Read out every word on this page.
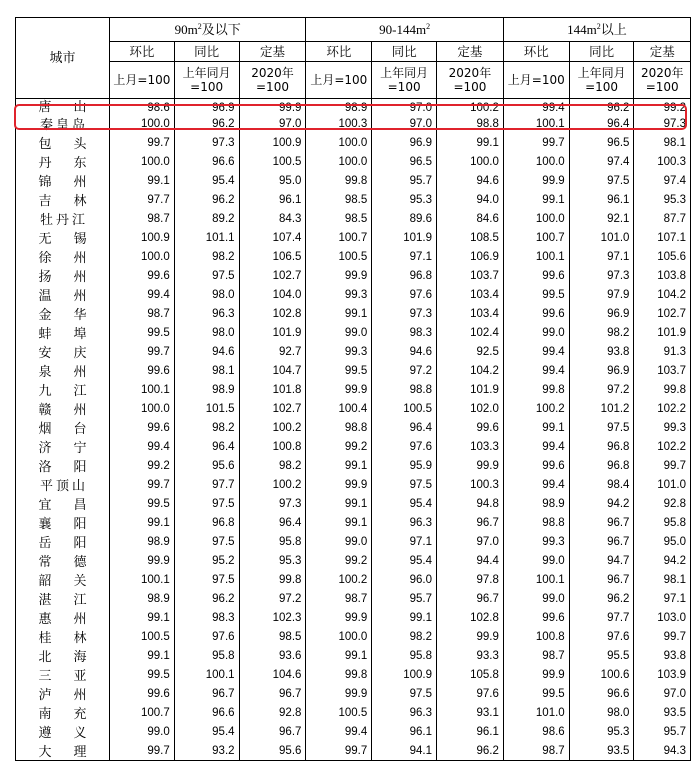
城市	$90m^2$及以下			$90-144m^2$			$144m^2$以上		
	环比	同比	定基	环比	同比	定基	环比	同比	定基
	上月=100	上年同月=100	2020年=100	上月=100	上年同月=100	2020年=100	上月=100	上年同月=100	2020年=100
唐山	98.6	96.9	99.9	98.9	97.0	100.2	99.4	96.2	99.2
秦皇岛	100.0	96.2	97.0	100.3	97.0	98.8	100.1	96.4	97.3
包头	99.7	97.3	100.9	100.0	96.9	99.1	99.7	96.5	98.1
丹东	100.0	96.6	100.5	100.0	96.5	100.0	100.0	97.4	100.3
锦州	99.1	95.4	95.0	99.8	95.7	94.6	99.9	97.5	97.4
吉林	97.7	96.2	96.1	98.5	95.3	94.0	99.1	96.1	95.3
牡丹江	98.7	89.2	84.3	98.5	89.6	84.6	100.0	92.1	87.7
无锡	100.9	101.1	107.4	100.7	101.9	108.5	100.7	101.0	107.1
徐州	100.0	98.2	106.5	100.5	97.1	106.9	100.1	97.1	105.6
扬州	99.6	97.5	102.7	99.9	96.8	103.7	99.6	97.3	103.8
温州	99.4	98.0	104.0	99.3	97.6	103.4	99.5	97.9	104.2
金华	98.7	96.3	102.8	99.1	97.3	103.4	99.6	96.9	102.7
蚌埠	99.5	98.0	101.9	99.0	98.3	102.4	99.0	98.2	101.9
安庆	99.7	94.6	92.7	99.3	94.6	92.5	99.4	93.8	91.3
泉州	99.6	98.1	104.7	99.5	97.2	104.2	99.4	96.9	103.7
九江	100.1	98.9	101.8	99.9	98.8	101.9	99.8	97.2	99.8
赣州	100.0	101.5	102.7	100.4	100.5	102.0	100.2	101.2	102.2
烟台	99.6	98.2	100.2	98.8	96.4	99.6	99.1	97.5	99.3
济宁	99.4	96.4	100.8	99.2	97.6	103.3	99.4	96.8	102.2
洛阳	99.2	95.6	98.2	99.1	95.9	99.9	99.6	96.8	99.7
平顶山	99.7	97.7	100.2	99.9	97.5	100.3	99.4	98.4	101.0
宜昌	99.5	97.5	97.3	99.1	95.4	94.8	98.9	94.2	92.8
襄阳	99.1	96.8	96.4	99.1	96.3	96.7	98.8	96.7	95.8
岳阳	98.9	97.5	95.8	99.0	97.1	97.0	99.3	96.7	95.0
常德	99.9	95.2	95.3	99.2	95.4	94.4	99.0	94.7	94.2
韶关	100.1	97.5	99.8	100.2	96.0	97.8	100.1	96.7	98.1
湛江	98.9	96.2	97.2	98.7	95.7	96.7	99.0	96.2	97.1
惠州	99.1	98.3	102.3	99.9	99.1	102.8	99.6	97.7	103.0
桂林	100.5	97.6	98.5	100.0	98.2	99.9	100.8	97.6	99.7
北海	99.1	95.8	93.6	99.1	95.8	93.3	98.7	95.5	93.8
三亚	99.5	100.1	104.6	99.8	100.9	105.8	99.9	100.6	103.9
泸州	99.6	96.7	96.7	99.9	97.5	97.6	99.5	96.6	97.0
南充	100.7	96.6	92.8	100.5	96.3	93.1	101.0	98.0	93.5
遵义	99.0	95.4	96.7	99.4	96.1	96.1	98.6	95.3	95.7
大理	99.7	93.2	95.6	99.7	94.1	96.2	98.7	93.5	94.3
